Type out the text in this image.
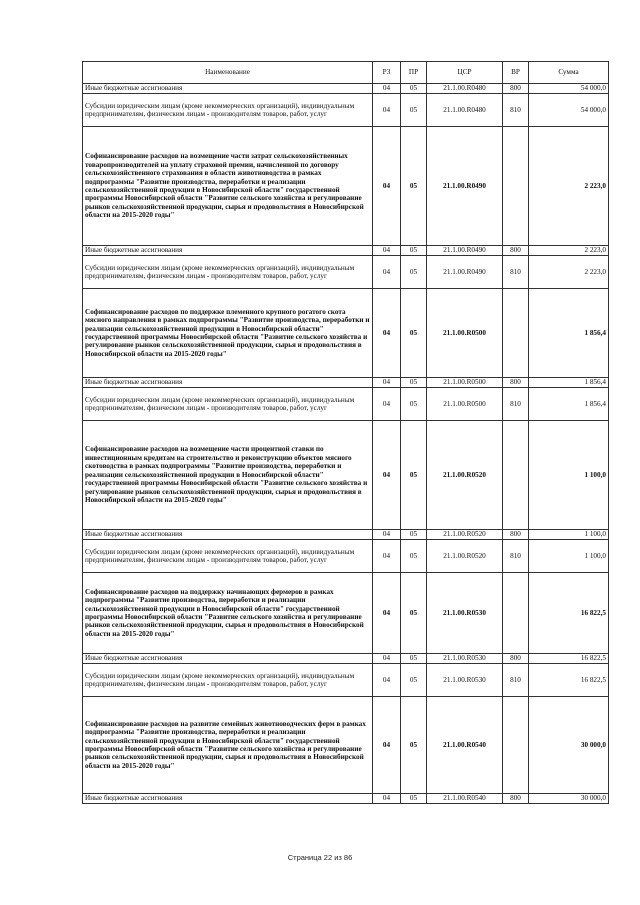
Наименование	РЗ	ПР	ЦСР	ВР	Сумма
Иные бюджетные ассигнования	04	05	21.1.00.R0480	800	54 000,0
Субсидии юридическим лицам (кроме некоммерческих организаций), индивидуальным предпринимателям, физическим лицам - производителям товаров, работ, услуг	04	05	21.1.00.R0480	810	54 000,0
Софинансирование расходов на возмещение части затрат сельскохозяйственных товаропроизводителей на уплату страховой премии, начисленной по договору сельскохозяйственного страхования в области животноводства в рамках подпрограммы "Развитие производства, переработки и реализации сельскохозяйственной продукции в Новосибирской области" государственной программы Новосибирской области "Развитие сельского хозяйства и регулирование рынков сельскохозяйственной продукции, сырья и продовольствия в Новосибирской области на 2015-2020 годы"	04	05	21.1.00.R0490		2 223,0
Иные бюджетные ассигнования	04	05	21.1.00.R0490	800	2 223,0
Субсидии юридическим лицам (кроме некоммерческих организаций), индивидуальным предпринимателям, физическим лицам - производителям товаров, работ, услуг	04	05	21.1.00.R0490	810	2 223,0
Софинансирование расходов по поддержке племенного крупного рогатого скота мясного направления в рамках подпрограммы "Развитие производства, переработки и реализации сельскохозяйственной продукции в Новосибирской области" государственной программы Новосибирской области "Развитие сельского хозяйства и регулирование рынков сельскохозяйственной продукции, сырья и продовольствия в Новосибирской области на 2015-2020 годы"	04	05	21.1.00.R0500		1 856,4
Иные бюджетные ассигнования	04	05	21.1.00.R0500	800	1 856,4
Субсидии юридическим лицам (кроме некоммерческих организаций), индивидуальным предпринимателям, физическим лицам - производителям товаров, работ, услуг	04	05	21.1.00.R0500	810	1 856,4
Софинансирование расходов на возмещение части процентной ставки по инвестиционным кредитам на строительство и реконструкцию объектов мясного скотоводства в рамках подпрограммы "Развитие производства, переработки и реализации сельскохозяйственной продукции в Новосибирской области" государственной программы Новосибирской области "Развитие сельского хозяйства и регулирование рынков сельскохозяйственной продукции, сырья и продовольствия в Новосибирской области на 2015-2020 годы"	04	05	21.1.00.R0520		1 100,0
Иные бюджетные ассигнования	04	05	21.1.00.R0520	800	1 100,0
Субсидии юридическим лицам (кроме некоммерческих организаций), индивидуальным предпринимателям, физическим лицам - производителям товаров, работ, услуг	04	05	21.1.00.R0520	810	1 100,0
Софинансирование расходов на поддержку начинающих фермеров в рамках подпрограммы "Развитие производства, переработки и реализации сельскохозяйственной продукции в Новосибирской области" государственной программы Новосибирской области "Развитие сельского хозяйства и регулирование рынков сельскохозяйственной продукции, сырья и продовольствия в Новосибирской области на 2015-2020 годы"	04	05	21.1.00.R0530		16 822,5
Иные бюджетные ассигнования	04	05	21.1.00.R0530	800	16 822,5
Субсидии юридическим лицам (кроме некоммерческих организаций), индивидуальным предпринимателям, физическим лицам - производителям товаров, работ, услуг	04	05	21.1.00.R0530	810	16 822,5
Софинансирование расходов на развитие семейных животноводческих ферм в рамках подпрограммы "Развитие производства, переработки и реализации сельскохозяйственной продукции в Новосибирской области" государственной программы Новосибирской области "Развитие сельского хозяйства и регулирование рынков сельскохозяйственной продукции, сырья и продовольствия в Новосибирской области на 2015-2020 годы"	04	05	21.1.00.R0540		30 000,0
Иные бюджетные ассигнования	04	05	21.1.00.R0540	800	30 000,0
Страница 22 из 86
